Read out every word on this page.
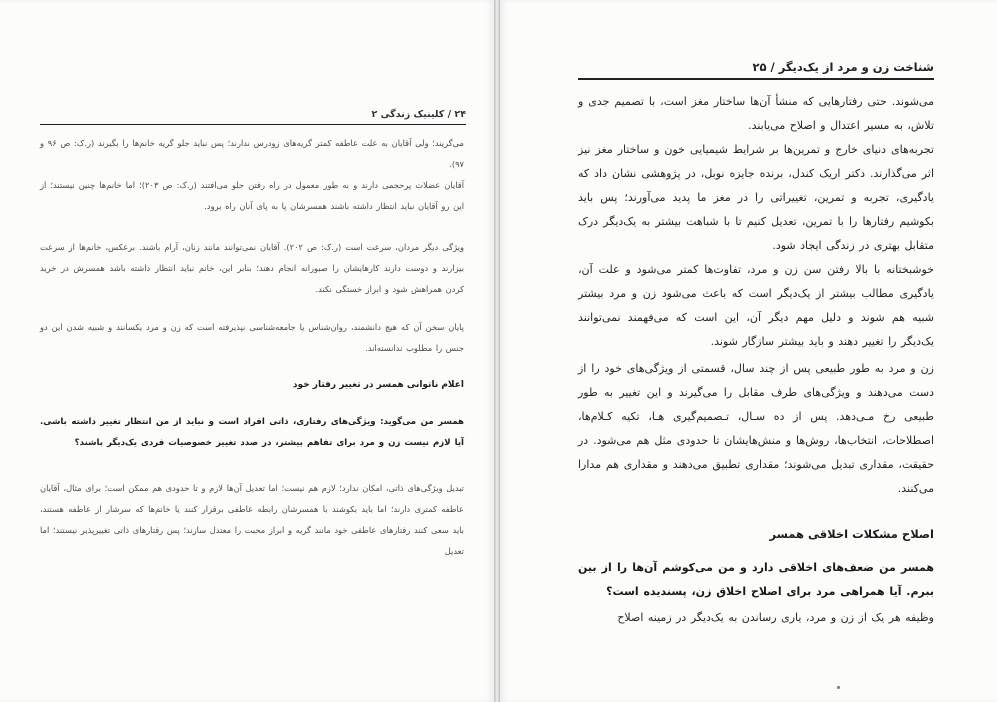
۲۴ / کلینیک زندگی ۲

می‌گریند؛ ولی آقایان به علت عاطفه کمتر گریه‌های زودرس ندارند؛ پس نباید جلو گریه خانم‌ها را بگیرند (ر.ک: ص ۹۶ و ۹۷).

آقایان عضلات پرحجمی دارند و به طور معمول در راه رفتن جلو می‌افتند (ر.ک: ص ۲۰۳)؛ اما خانم‌ها چنین نیستند؛ از این رو آقایان نباید انتظار داشته باشند همسرشان پا به پای آنان راه برود.

ویژگی دیگر مردان، سرعت است (ر.ک: ص ۲۰۲). آقایان نمی‌توانند مانند زنان، آرام باشند. برعکس، خانم‌ها از سرعت بیزارند و دوست دارند کارهایشان را صبورانه انجام دهند؛ بنابر این، خانم نباید انتظار داشته باشد همسرش در خرید کردن همراهش شود و ابراز خستگی نکند.

پایان سخن آن که هیچ دانشمند، روان‌شناس یا جامعه‌شناسی نپذیرفته است که زن و مرد یکسانند و شبیه شدن این دو جنس را مطلوب ندانسته‌اند.

اعلام ناتوانی همسر در تغییر رفتار خود

همسر من می‌گوید: ویژگی‌های رفتاری، ذاتی افراد است و نباید از من انتظار تغییر داشته باشی. آیا لازم نیست زن و مرد برای تفاهم بیشتر، در صدد تغییر خصوصیات فردی یک‌دیگر باشند؟

تبدیل ویژگی‌های ذاتی، امکان ندارد؛ لازم هم نیست؛ اما تعدیل آن‌ها لازم و تا حدودی هم ممکن است؛ برای مثال، آقایان عاطفه کمتری دارند؛ اما باید بکوشند با همسرشان رابطه عاطفی برقرار کنند یا خانم‌ها که سرشار از عاطفه هستند، باید سعی کنند رفتارهای عاطفی خود مانند گریه و ابراز محبت را معتدل سازند؛ پس رفتارهای ذاتی تغییرپذیر نیستند؛ اما تعدیل

شناخت زن و مرد از یک‌دیگر / ۲۵

می‌شوند. حتی رفتارهایی که منشأ آن‌ها ساختار مغز است، با تصمیم جدی و تلاش، به مسیر اعتدال و اصلاح می‌یابند.

تجربه‌های دنیای خارج و تمرین‌ها بر شرایط شیمیایی خون و ساختار مغز نیز اثر می‌گذارند. دکتر اریک کندل، برنده جایزه نوبل، در پژوهشی نشان داد که یادگیری، تجربه و تمرین، تغییراتی را در مغز ما پدید می‌آورند؛ پس باید بکوشیم رفتارها را با تمرین، تعدیل کنیم تا با شباهت بیشتر به یک‌دیگر درک متقابل بهتری در زندگی ایجاد شود.

خوشبختانه با بالا رفتن سن زن و مرد، تفاوت‌ها کمتر می‌شود و علت آن، یادگیری مطالب بیشتر از یک‌دیگر است که باعث می‌شود زن و مرد بیشتر شبیه هم شوند و دلیل مهم دیگر آن، این است که می‌فهمند نمی‌توانند یک‌دیگر را تغییر دهند و باید بیشتر سازگار شوند.

زن و مرد به طور طبیعی پس از چند سال، قسمتی از ویژگی‌های خود را از دست می‌دهند و ویژگی‌های طرف مقابل را می‌گیرند و این تغییر به طور طبیعی رخ مـی‌دهد. پس از ده سـال، تـصمیم‌گیری هـا، تکیه کـلام‌ها، اصطلاحات، انتخاب‌ها، روش‌ها و منش‌هایشان تا حدودی مثل هم می‌شود. در حقیقت، مقداری تبدیل می‌شوند؛ مقداری تطبیق می‌دهند و مقداری هم مدارا می‌کنند.

اصلاح مشکلات اخلاقی همسر

همسر من ضعف‌های اخلاقی دارد و من می‌کوشم آن‌ها را از بین ببرم. آیا همراهی مرد برای اصلاح اخلاق زن، پسندیده است؟

وظیفه هر یک از زن و مرد، یاری رساندن به یک‌دیگر در زمینه اصلاح
